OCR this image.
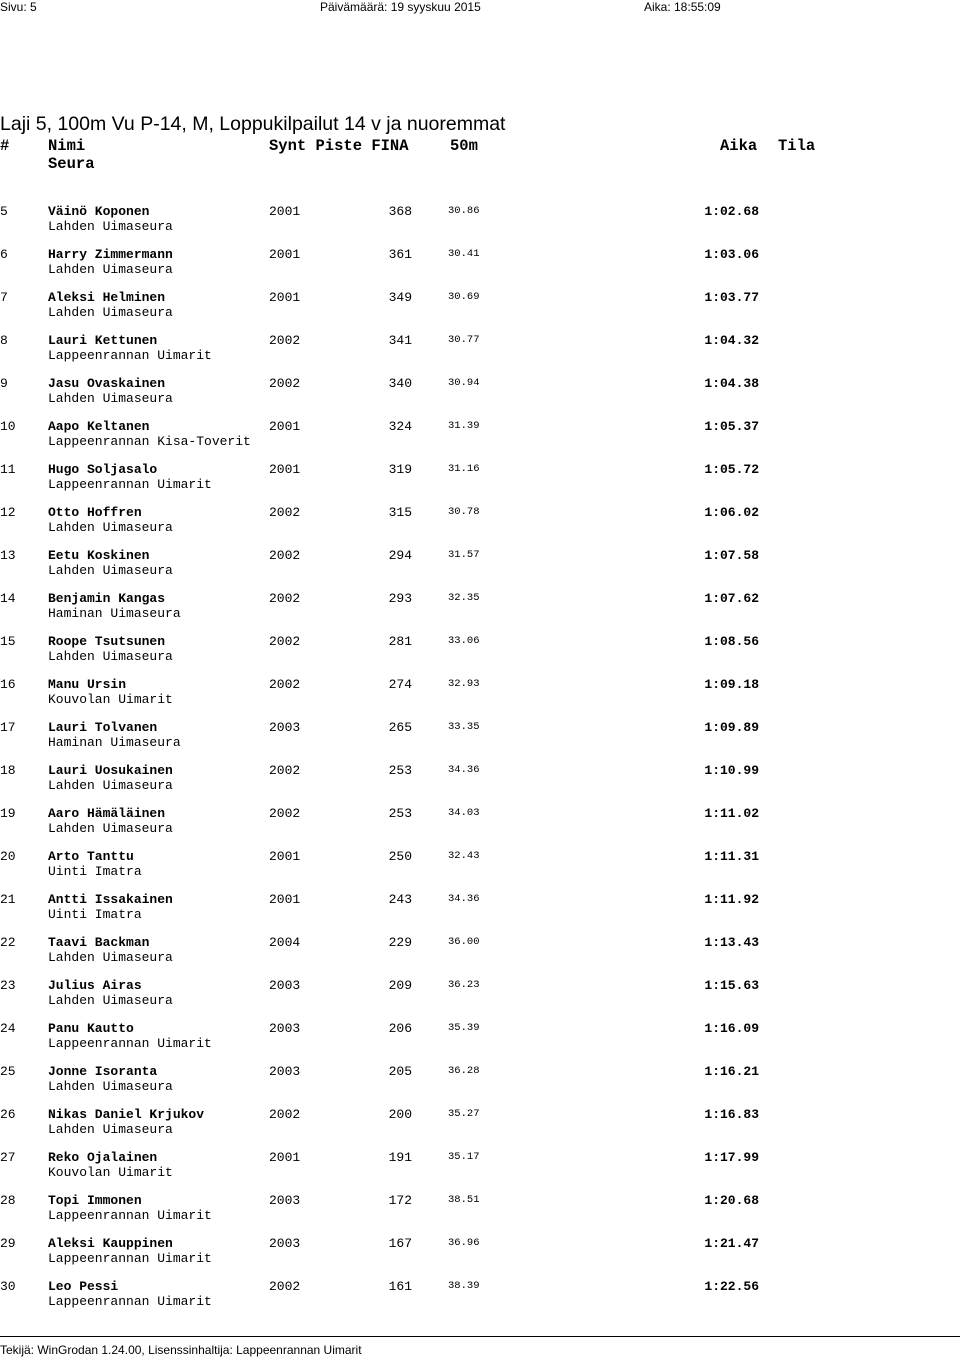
Sivu: 5	Päivämäärä: 19 syyskuu 2015	Aika: 18:55:09
Laji 5, 100m Vu P-14, M, Loppukilpailut 14 v ja nuoremmat
# Nimi	Synt Piste FINA	50m	Aika Tila
Seura
5	Väinö Koponen	2001	368	30.86	1:02.68
Lahden Uimaseura
6	Harry Zimmermann	2001	361	30.41	1:03.06
Lahden Uimaseura
7	Aleksi Helminen	2001	349	30.69	1:03.77
Lahden Uimaseura
8	Lauri Kettunen	2002	341	30.77	1:04.32
Lappeenrannan Uimarit
9	Jasu Ovaskainen	2002	340	30.94	1:04.38
Lahden Uimaseura
10 Aapo Keltanen	2001	324	31.39	1:05.37
Lappeenrannan Kisa-Toverit
11 Hugo Soljasalo	2001	319	31.16	1:05.72
Lappeenrannan Uimarit
12 Otto Hoffren	2002	315	30.78	1:06.02
Lahden Uimaseura
13 Eetu Koskinen	2002	294	31.57	1:07.58
Lahden Uimaseura
14 Benjamin Kangas	2002	293	32.35	1:07.62
Haminan Uimaseura
15 Roope Tsutsunen	2002	281	33.06	1:08.56
Lahden Uimaseura
16 Manu Ursin	2002	274	32.93	1:09.18
Kouvolan Uimarit
17 Lauri Tolvanen	2003	265	33.35	1:09.89
Haminan Uimaseura
18 Lauri Uosukainen	2002	253	34.36	1:10.99
Lahden Uimaseura
19 Aaro Hämäläinen	2002	253	34.03	1:11.02
Lahden Uimaseura
20 Arto Tanttu	2001	250	32.43	1:11.31
Uinti Imatra
21 Antti Issakainen	2001	243	34.36	1:11.92
Uinti Imatra
22 Taavi Backman	2004	229	36.00	1:13.43
Lahden Uimaseura
23 Julius Airas	2003	209	36.23	1:15.63
Lahden Uimaseura
24 Panu Kautto	2003	206	35.39	1:16.09
Lappeenrannan Uimarit
25 Jonne Isoranta	2003	205	36.28	1:16.21
Lahden Uimaseura
26 Nikas Daniel Krjukov	2002	200	35.27	1:16.83
Lahden Uimaseura
27 Reko Ojalainen	2001	191	35.17	1:17.99
Kouvolan Uimarit
28 Topi Immonen	2003	172	38.51	1:20.68
Lappeenrannan Uimarit
29 Aleksi Kauppinen	2003	167	36.96	1:21.47
Lappeenrannan Uimarit
30 Leo Pessi	2002	161	38.39	1:22.56
Lappeenrannan Uimarit
Tekijä: WinGrodan 1.24.00, Lisenssinhaltija: Lappeenrannan Uimarit
